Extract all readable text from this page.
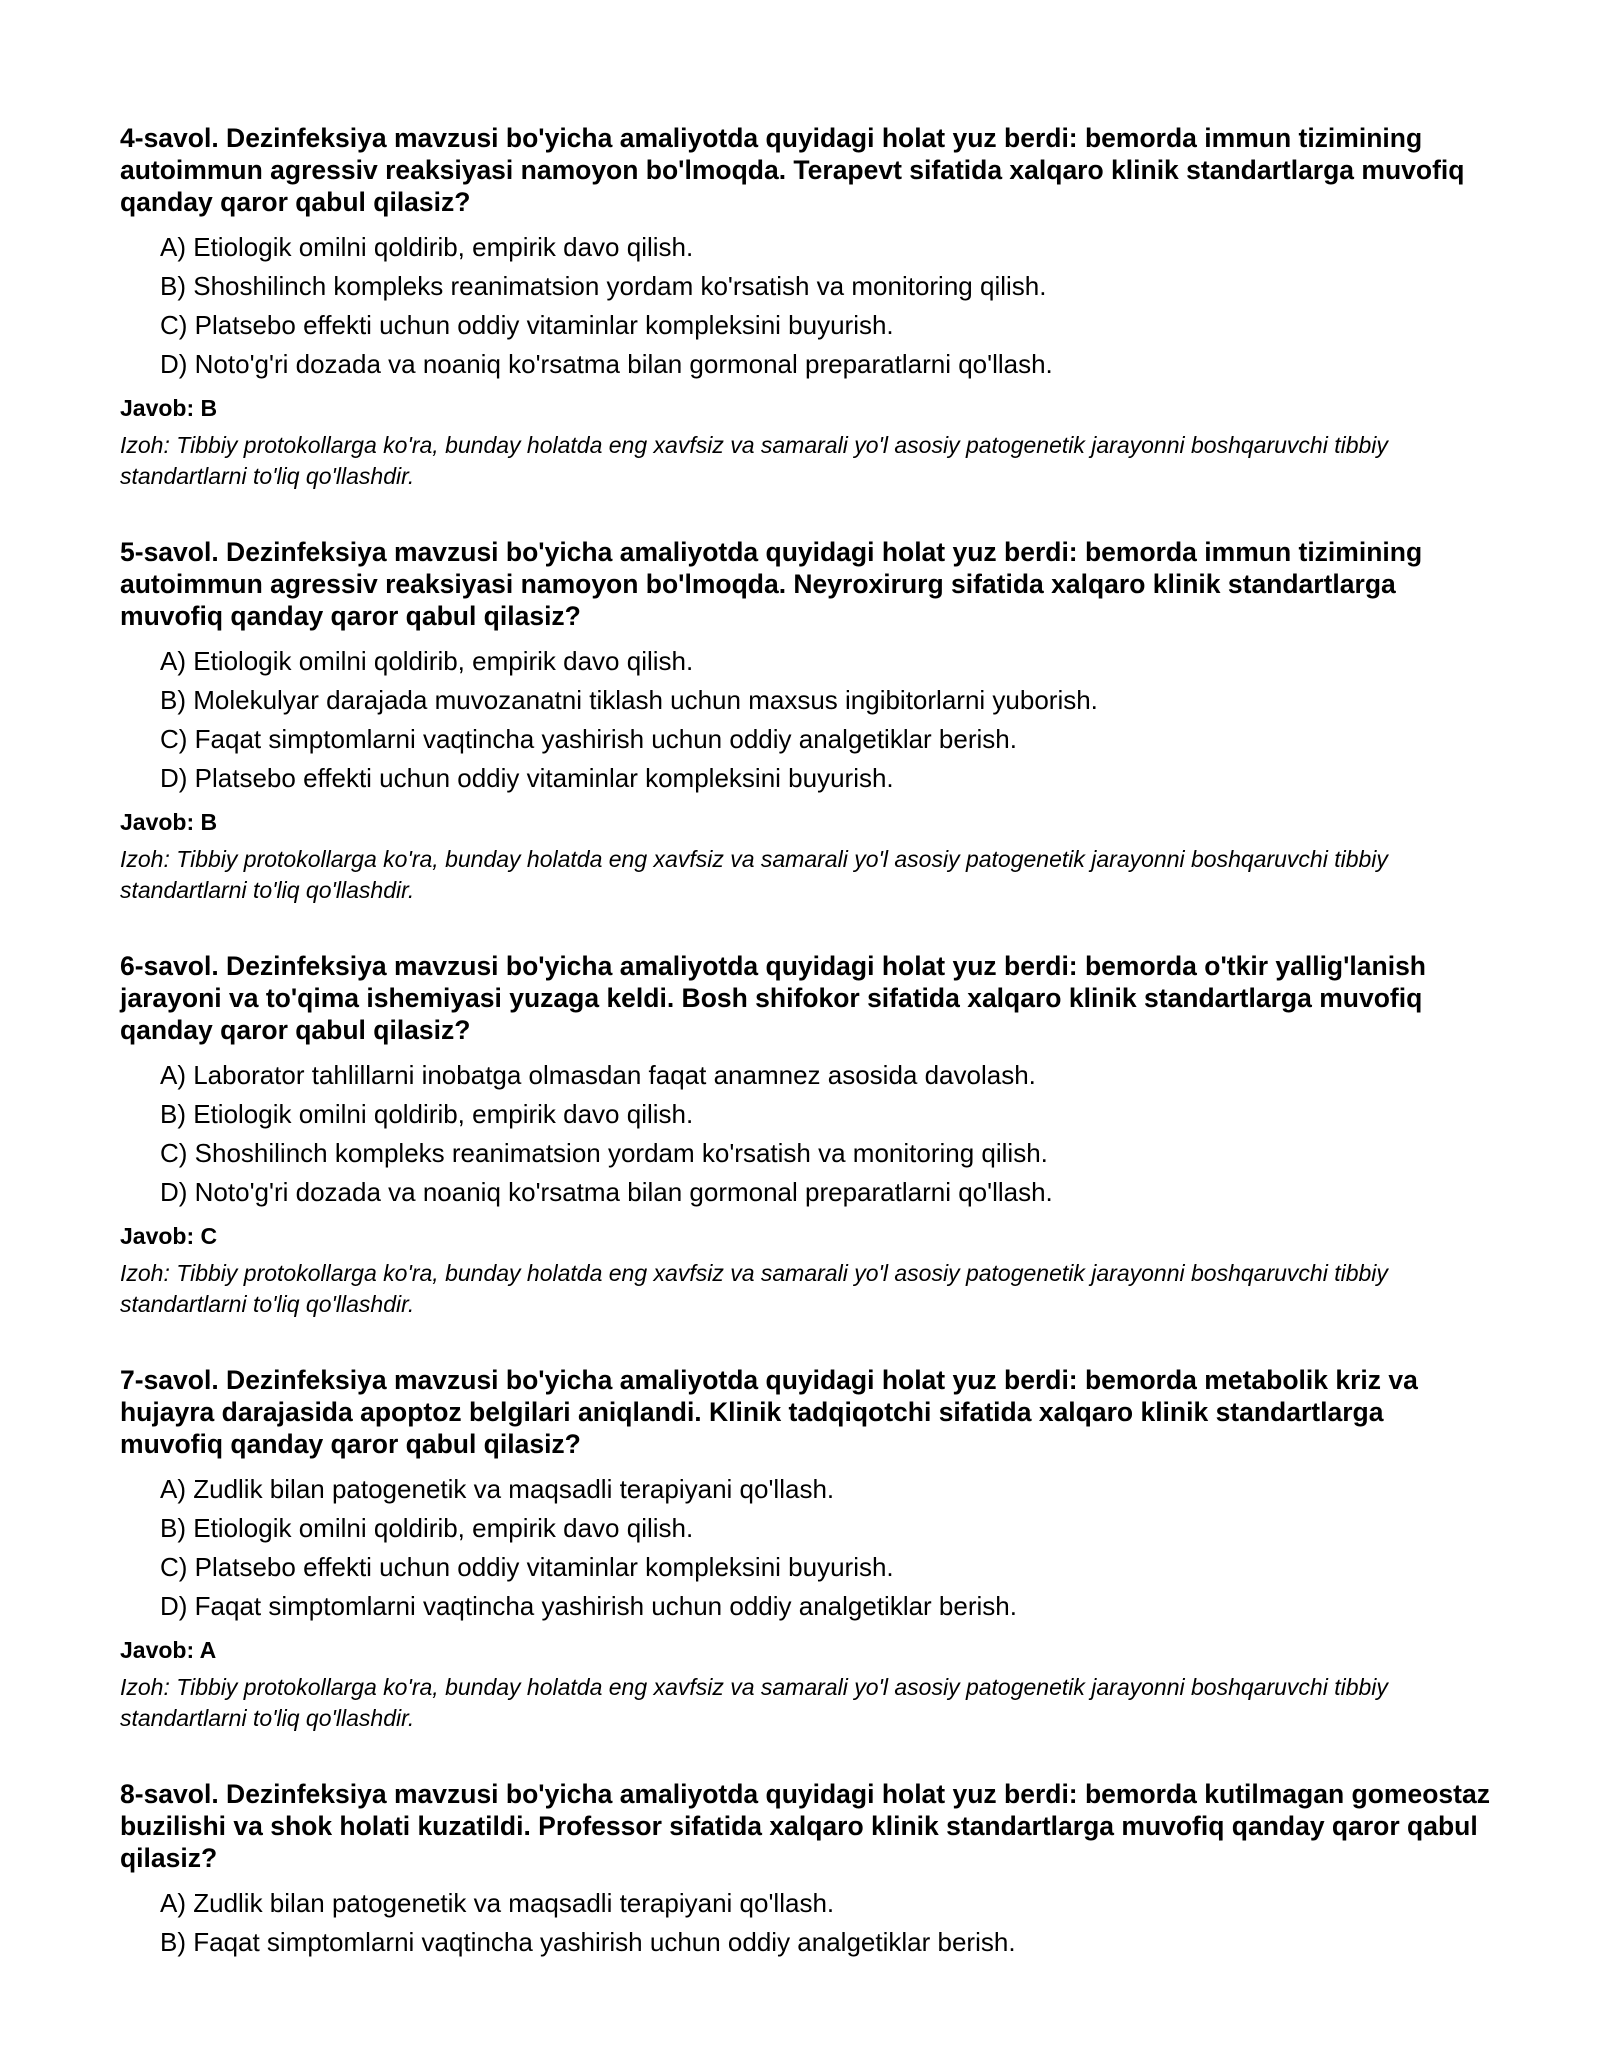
4-savol. Dezinfeksiya mavzusi bo'yicha amaliyotda quyidagi holat yuz berdi: bemorda immun tizimining autoimmun agressiv reaksiyasi namoyon bo'lmoqda. Terapevt sifatida xalqaro klinik standartlarga muvofiq qanday qaror qabul qilasiz?

A) Etiologik omilni qoldirib, empirik davo qilish.
B) Shoshilinch kompleks reanimatsion yordam ko'rsatish va monitoring qilish.
C) Platsebo effekti uchun oddiy vitaminlar kompleksini buyurish.
D) Noto'g'ri dozada va noaniq ko'rsatma bilan gormonal preparatlarni qo'llash.

Javob: B

Izoh: Tibbiy protokollarga ko'ra, bunday holatda eng xavfsiz va samarali yo'l asosiy patogenetik jarayonni boshqaruvchi tibbiy standartlarni to'liq qo'llashdir.

5-savol. Dezinfeksiya mavzusi bo'yicha amaliyotda quyidagi holat yuz berdi: bemorda immun tizimining autoimmun agressiv reaksiyasi namoyon bo'lmoqda. Neyroxirurg sifatida xalqaro klinik standartlarga muvofiq qanday qaror qabul qilasiz?

A) Etiologik omilni qoldirib, empirik davo qilish.
B) Molekulyar darajada muvozanatni tiklash uchun maxsus ingibitorlarni yuborish.
C) Faqat simptomlarni vaqtincha yashirish uchun oddiy analgetiklar berish.
D) Platsebo effekti uchun oddiy vitaminlar kompleksini buyurish.

Javob: B

Izoh: Tibbiy protokollarga ko'ra, bunday holatda eng xavfsiz va samarali yo'l asosiy patogenetik jarayonni boshqaruvchi tibbiy standartlarni to'liq qo'llashdir.

6-savol. Dezinfeksiya mavzusi bo'yicha amaliyotda quyidagi holat yuz berdi: bemorda o'tkir yallig'lanish jarayoni va to'qima ishemiyasi yuzaga keldi. Bosh shifokor sifatida xalqaro klinik standartlarga muvofiq qanday qaror qabul qilasiz?

A) Laborator tahlillarni inobatga olmasdan faqat anamnez asosida davolash.
B) Etiologik omilni qoldirib, empirik davo qilish.
C) Shoshilinch kompleks reanimatsion yordam ko'rsatish va monitoring qilish.
D) Noto'g'ri dozada va noaniq ko'rsatma bilan gormonal preparatlarni qo'llash.

Javob: C

Izoh: Tibbiy protokollarga ko'ra, bunday holatda eng xavfsiz va samarali yo'l asosiy patogenetik jarayonni boshqaruvchi tibbiy standartlarni to'liq qo'llashdir.

7-savol. Dezinfeksiya mavzusi bo'yicha amaliyotda quyidagi holat yuz berdi: bemorda metabolik kriz va hujayra darajasida apoptoz belgilari aniqlandi. Klinik tadqiqotchi sifatida xalqaro klinik standartlarga muvofiq qanday qaror qabul qilasiz?

A) Zudlik bilan patogenetik va maqsadli terapiyani qo'llash.
B) Etiologik omilni qoldirib, empirik davo qilish.
C) Platsebo effekti uchun oddiy vitaminlar kompleksini buyurish.
D) Faqat simptomlarni vaqtincha yashirish uchun oddiy analgetiklar berish.

Javob: A

Izoh: Tibbiy protokollarga ko'ra, bunday holatda eng xavfsiz va samarali yo'l asosiy patogenetik jarayonni boshqaruvchi tibbiy standartlarni to'liq qo'llashdir.

8-savol. Dezinfeksiya mavzusi bo'yicha amaliyotda quyidagi holat yuz berdi: bemorda kutilmagan gomeostaz buzilishi va shok holati kuzatildi. Professor sifatida xalqaro klinik standartlarga muvofiq qanday qaror qabul qilasiz?

A) Zudlik bilan patogenetik va maqsadli terapiyani qo'llash.
B) Faqat simptomlarni vaqtincha yashirish uchun oddiy analgetiklar berish.
